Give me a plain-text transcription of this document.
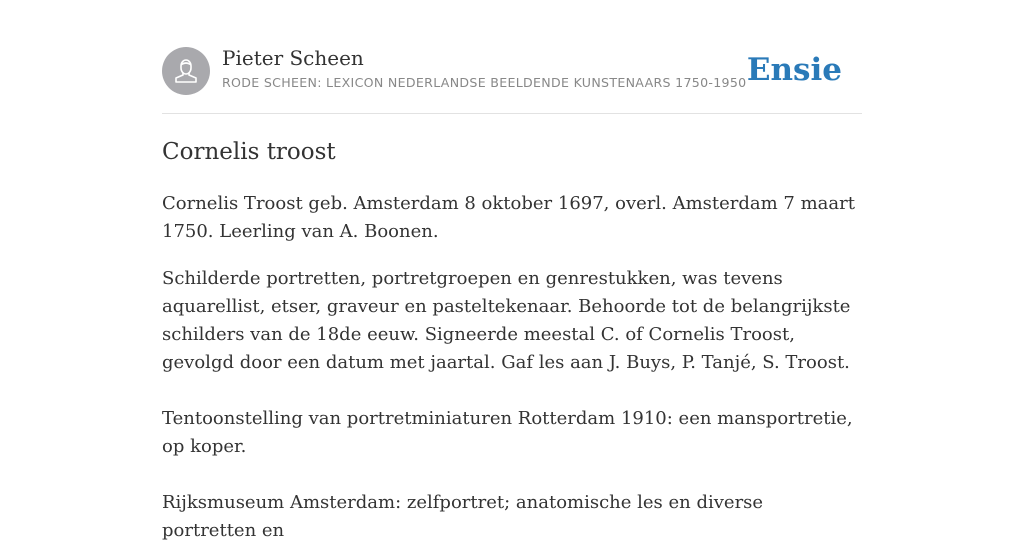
Pieter Scheen
RODE SCHEEN: LEXICON NEDERLANDSE BEELDENDE KUNSTENAARS 1750-1950 Ensie
Cornelis troost

Cornelis Troost geb. Amsterdam 8 oktober 1697, overl. Amsterdam 7 maart 1750. Leerling van A. Boonen.

Schilderde portretten, portretgroepen en genrestukken, was tevens aquarellist, etser, graveur en pasteltekenaar. Behoorde tot de belangrijkste schilders van de 18de eeuw. Signeerde meestal C. of Cornelis Troost, gevolgd door een datum met jaartal. Gaf les aan J. Buys, P. Tanjé, S. Troost.

Tentoonstelling van portretminiaturen Rotterdam 1910: een mansportretie, op koper.

Rijksmuseum Amsterdam: zelfportret; anatomische les en diverse portretten en
